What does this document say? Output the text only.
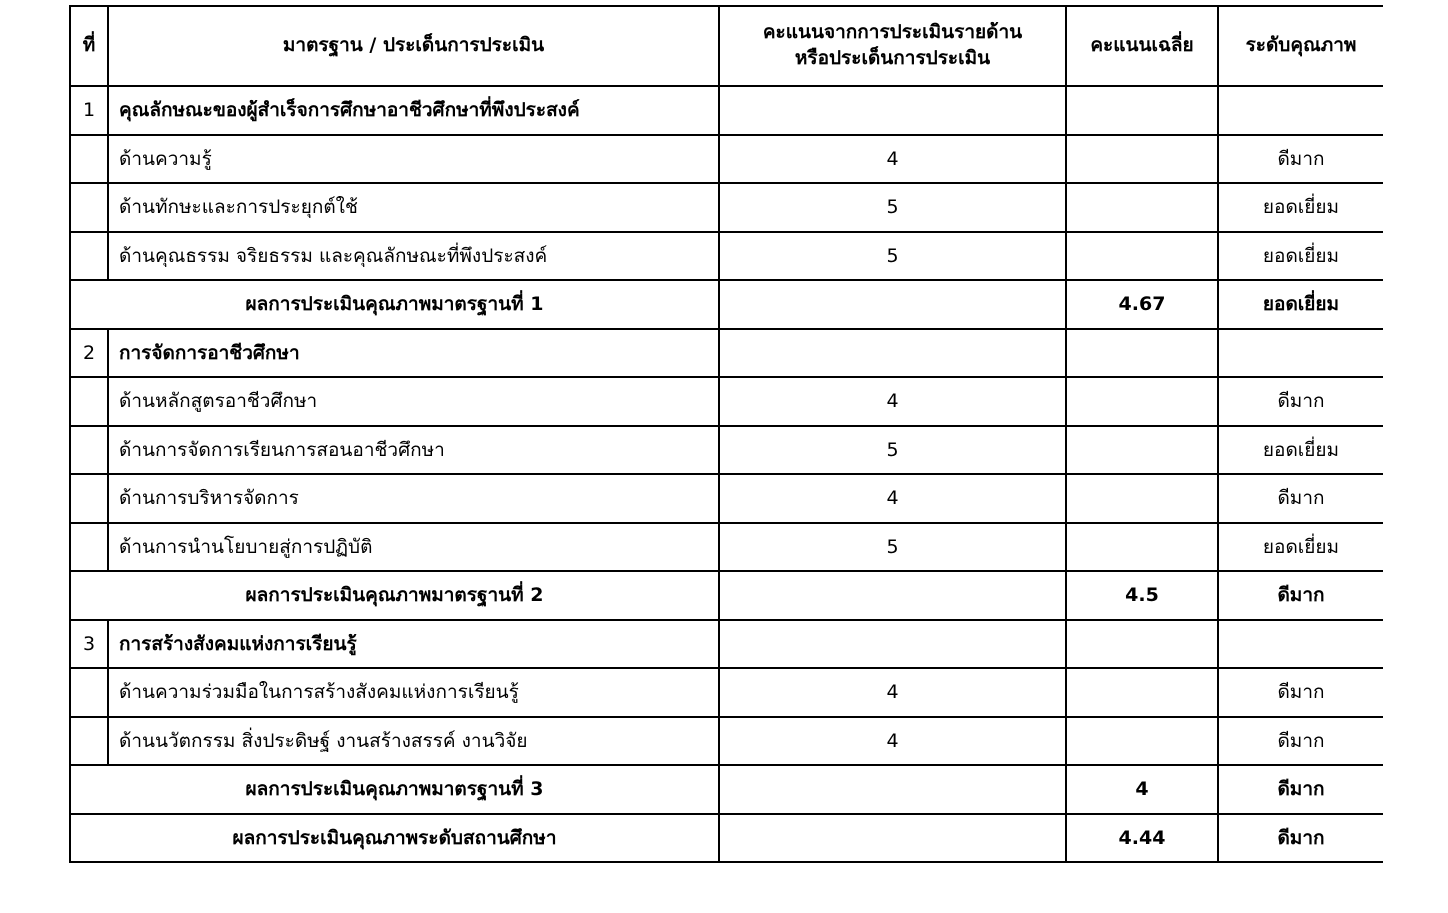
ที่	มาตรฐาน / ประเด็นการประเมิน	คะแนนจากการประเมินรายด้าน
หรือประเด็นการประเมิน	คะแนนเฉลี่ย	ระดับคุณภาพ
1	คุณลักษณะของผู้สำเร็จการศึกษาอาชีวศึกษาที่พึงประสงค์			
	ด้านความรู้	4		ดีมาก
	ด้านทักษะและการประยุกต์ใช้	5		ยอดเยี่ยม
	ด้านคุณธรรม จริยธรรม และคุณลักษณะที่พึงประสงค์	5		ยอดเยี่ยม
ผลการประเมินคุณภาพมาตรฐานที่ 1			4.67	ยอดเยี่ยม
2	การจัดการอาชีวศึกษา			
	ด้านหลักสูตรอาชีวศึกษา	4		ดีมาก
	ด้านการจัดการเรียนการสอนอาชีวศึกษา	5		ยอดเยี่ยม
	ด้านการบริหารจัดการ	4		ดีมาก
	ด้านการนำนโยบายสู่การปฏิบัติ	5		ยอดเยี่ยม
ผลการประเมินคุณภาพมาตรฐานที่ 2			4.5	ดีมาก
3	การสร้างสังคมแห่งการเรียนรู้			
	ด้านความร่วมมือในการสร้างสังคมแห่งการเรียนรู้	4		ดีมาก
	ด้านนวัตกรรม สิ่งประดิษฐ์ งานสร้างสรรค์ งานวิจัย	4		ดีมาก
ผลการประเมินคุณภาพมาตรฐานที่ 3			4	ดีมาก
ผลการประเมินคุณภาพระดับสถานศึกษา			4.44	ดีมาก
